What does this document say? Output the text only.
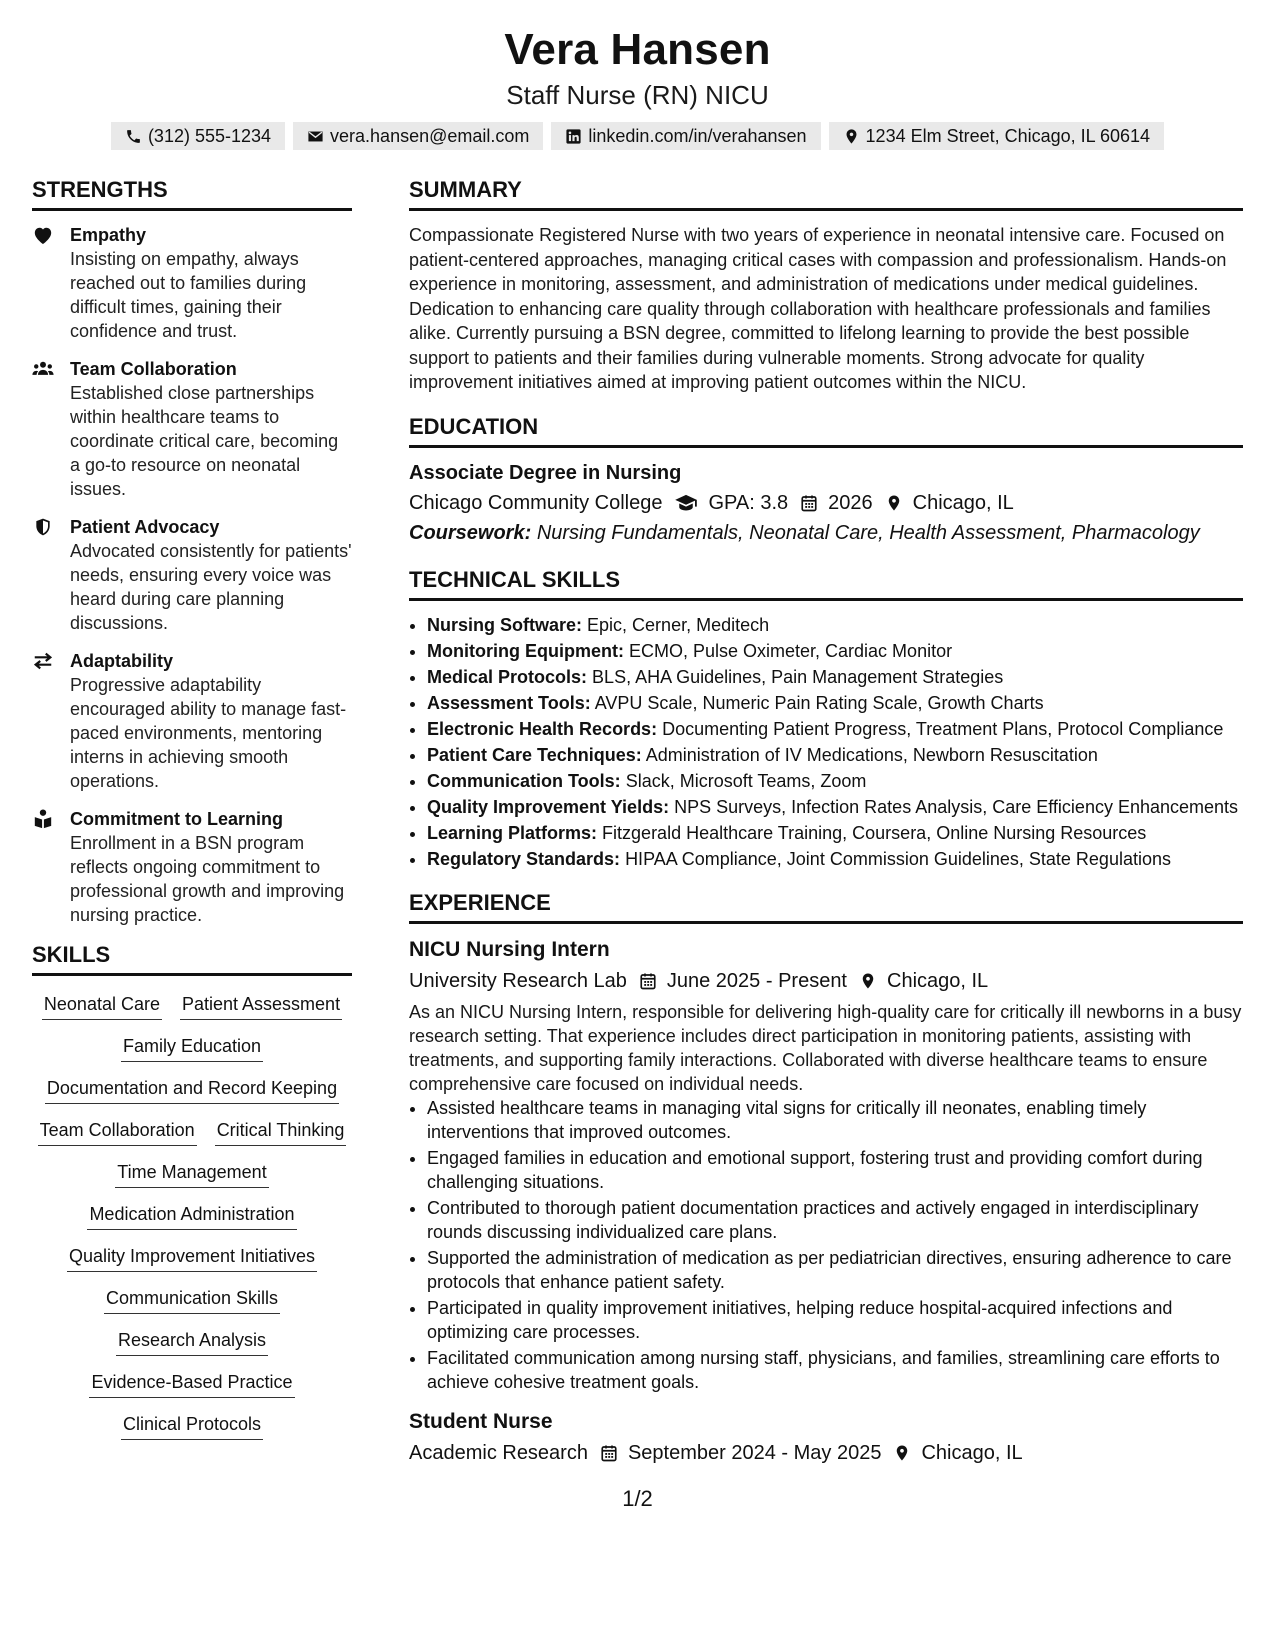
Vera Hansen
Staff Nurse (RN) NICU
(312) 555-1234	vera.hansen@email.com	linkedin.com/in/verahansen	1234 Elm Street, Chicago, IL 60614
STRENGTHS
Empathy
Insisting on empathy, always reached out to families during difficult times, gaining their confidence and trust.
Team Collaboration
Established close partnerships within healthcare teams to coordinate critical care, becoming a go-to resource on neonatal issues.
Patient Advocacy
Advocated consistently for patients' needs, ensuring every voice was heard during care planning discussions.
Adaptability
Progressive adaptability encouraged ability to manage fast-paced environments, mentoring interns in achieving smooth operations.
Commitment to Learning
Enrollment in a BSN program reflects ongoing commitment to professional growth and improving nursing practice.
SKILLS
Neonatal Care Patient Assessment
Family Education
Documentation and Record Keeping
Team Collaboration Critical Thinking
Time Management
Medication Administration
Quality Improvement Initiatives
Communication Skills
Research Analysis
Evidence-Based Practice
Clinical Protocols
SUMMARY
Compassionate Registered Nurse with two years of experience in neonatal intensive care. Focused on patient-centered approaches, managing critical cases with compassion and professionalism. Hands-on experience in monitoring, assessment, and administration of medications under medical guidelines. Dedication to enhancing care quality through collaboration with healthcare professionals and families alike. Currently pursuing a BSN degree, committed to lifelong learning to provide the best possible support to patients and their families during vulnerable moments. Strong advocate for quality improvement initiatives aimed at improving patient outcomes within the NICU.
EDUCATION
Associate Degree in Nursing
Chicago Community College GPA: 3.8 2026 Chicago, IL
Coursework: Nursing Fundamentals, Neonatal Care, Health Assessment, Pharmacology
TECHNICAL SKILLS
• Nursing Software: Epic, Cerner, Meditech
• Monitoring Equipment: ECMO, Pulse Oximeter, Cardiac Monitor
• Medical Protocols: BLS, AHA Guidelines, Pain Management Strategies
• Assessment Tools: AVPU Scale, Numeric Pain Rating Scale, Growth Charts
• Electronic Health Records: Documenting Patient Progress, Treatment Plans, Protocol Compliance
• Patient Care Techniques: Administration of IV Medications, Newborn Resuscitation
• Communication Tools: Slack, Microsoft Teams, Zoom
• Quality Improvement Yields: NPS Surveys, Infection Rates Analysis, Care Efficiency Enhancements
• Learning Platforms: Fitzgerald Healthcare Training, Coursera, Online Nursing Resources
• Regulatory Standards: HIPAA Compliance, Joint Commission Guidelines, State Regulations
EXPERIENCE
NICU Nursing Intern
University Research Lab June 2025 - Present Chicago, IL
As an NICU Nursing Intern, responsible for delivering high-quality care for critically ill newborns in a busy research setting. That experience includes direct participation in monitoring patients, assisting with treatments, and supporting family interactions. Collaborated with diverse healthcare teams to ensure comprehensive care focused on individual needs.
• Assisted healthcare teams in managing vital signs for critically ill neonates, enabling timely interventions that improved outcomes.
• Engaged families in education and emotional support, fostering trust and providing comfort during challenging situations.
• Contributed to thorough patient documentation practices and actively engaged in interdisciplinary rounds discussing individualized care plans.
• Supported the administration of medication as per pediatrician directives, ensuring adherence to care protocols that enhance patient safety.
• Participated in quality improvement initiatives, helping reduce hospital-acquired infections and optimizing care processes.
• Facilitated communication among nursing staff, physicians, and families, streamlining care efforts to achieve cohesive treatment goals.
Student Nurse
Academic Research September 2024 - May 2025 Chicago, IL
1/2
